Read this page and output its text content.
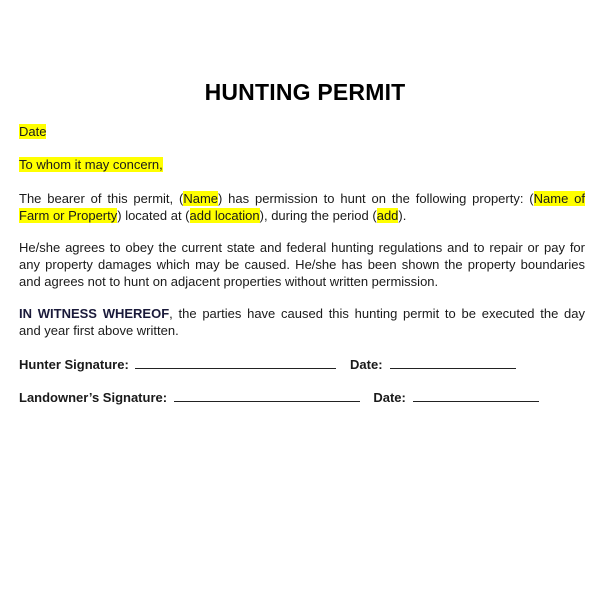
HUNTING PERMIT

Date

To whom it may concern,

The bearer of this permit, (Name) has permission to hunt on the following property: (Name of
Farm or Property) located at (add location), during the period (add).
He/she agrees to obey the current state and federal hunting regulations and to repair or pay for
any property damages which may be caused. He/she has been shown the property boundaries
and agrees not to hunt on adjacent properties without written permission.
IN WITNESS WHEREOF, the parties have caused this hunting permit to be executed the day
and year first above written.
Hunter Signature:	Date:
Landowner’s Signature:	Date:
